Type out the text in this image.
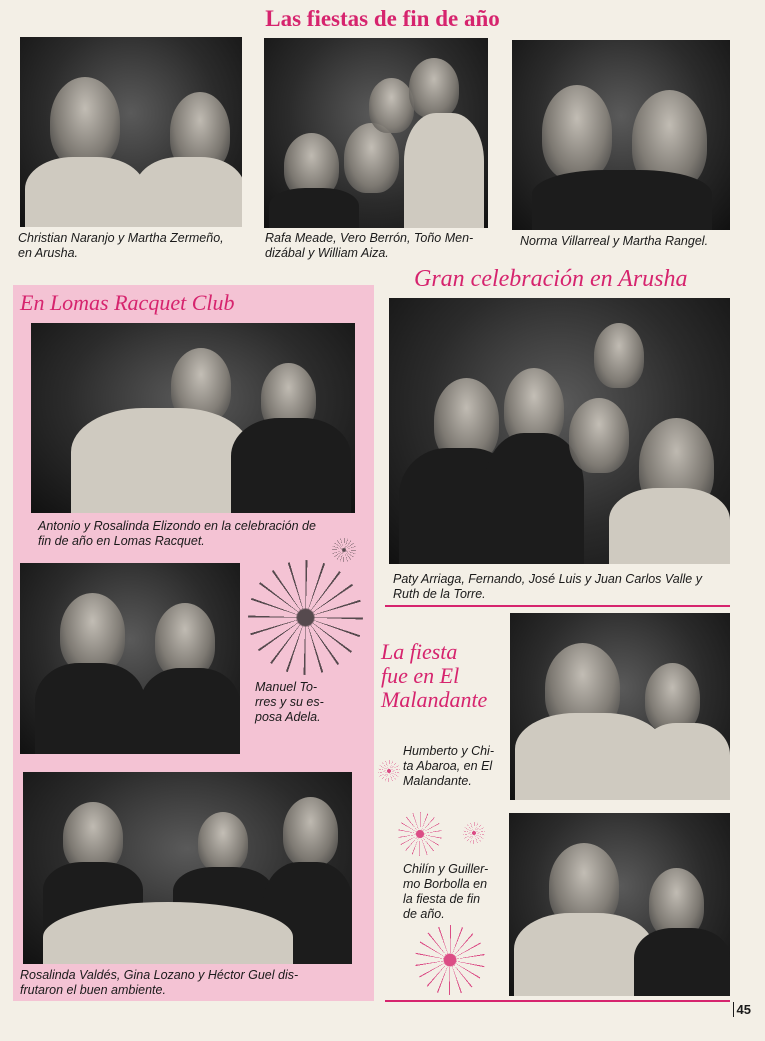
Las fiestas de fin de año
Christian Naranjo y Martha Zermeño,
en Arusha.
Rafa Meade, Vero Berrón, Toño Men-
dizábal y William Aiza.
Norma Villarreal y Martha Rangel.
Gran celebración en Arusha
En Lomas Racquet Club
Antonio y Rosalinda Elizondo en la celebración de
fin de año en Lomas Racquet.
Manuel To-
rres y su es-
posa Adela.
Rosalinda Valdés, Gina Lozano y Héctor Guel dis-
frutaron el buen ambiente.
Paty Arriaga, Fernando, José Luis y Juan Carlos Valle y
Ruth de la Torre.
La fiesta
fue en El
Malandante
Humberto y Chi-
ta Abaroa, en El
Malandante.
Chilín y Guiller-
mo Borbolla en
la fiesta de fin
de año.
45
